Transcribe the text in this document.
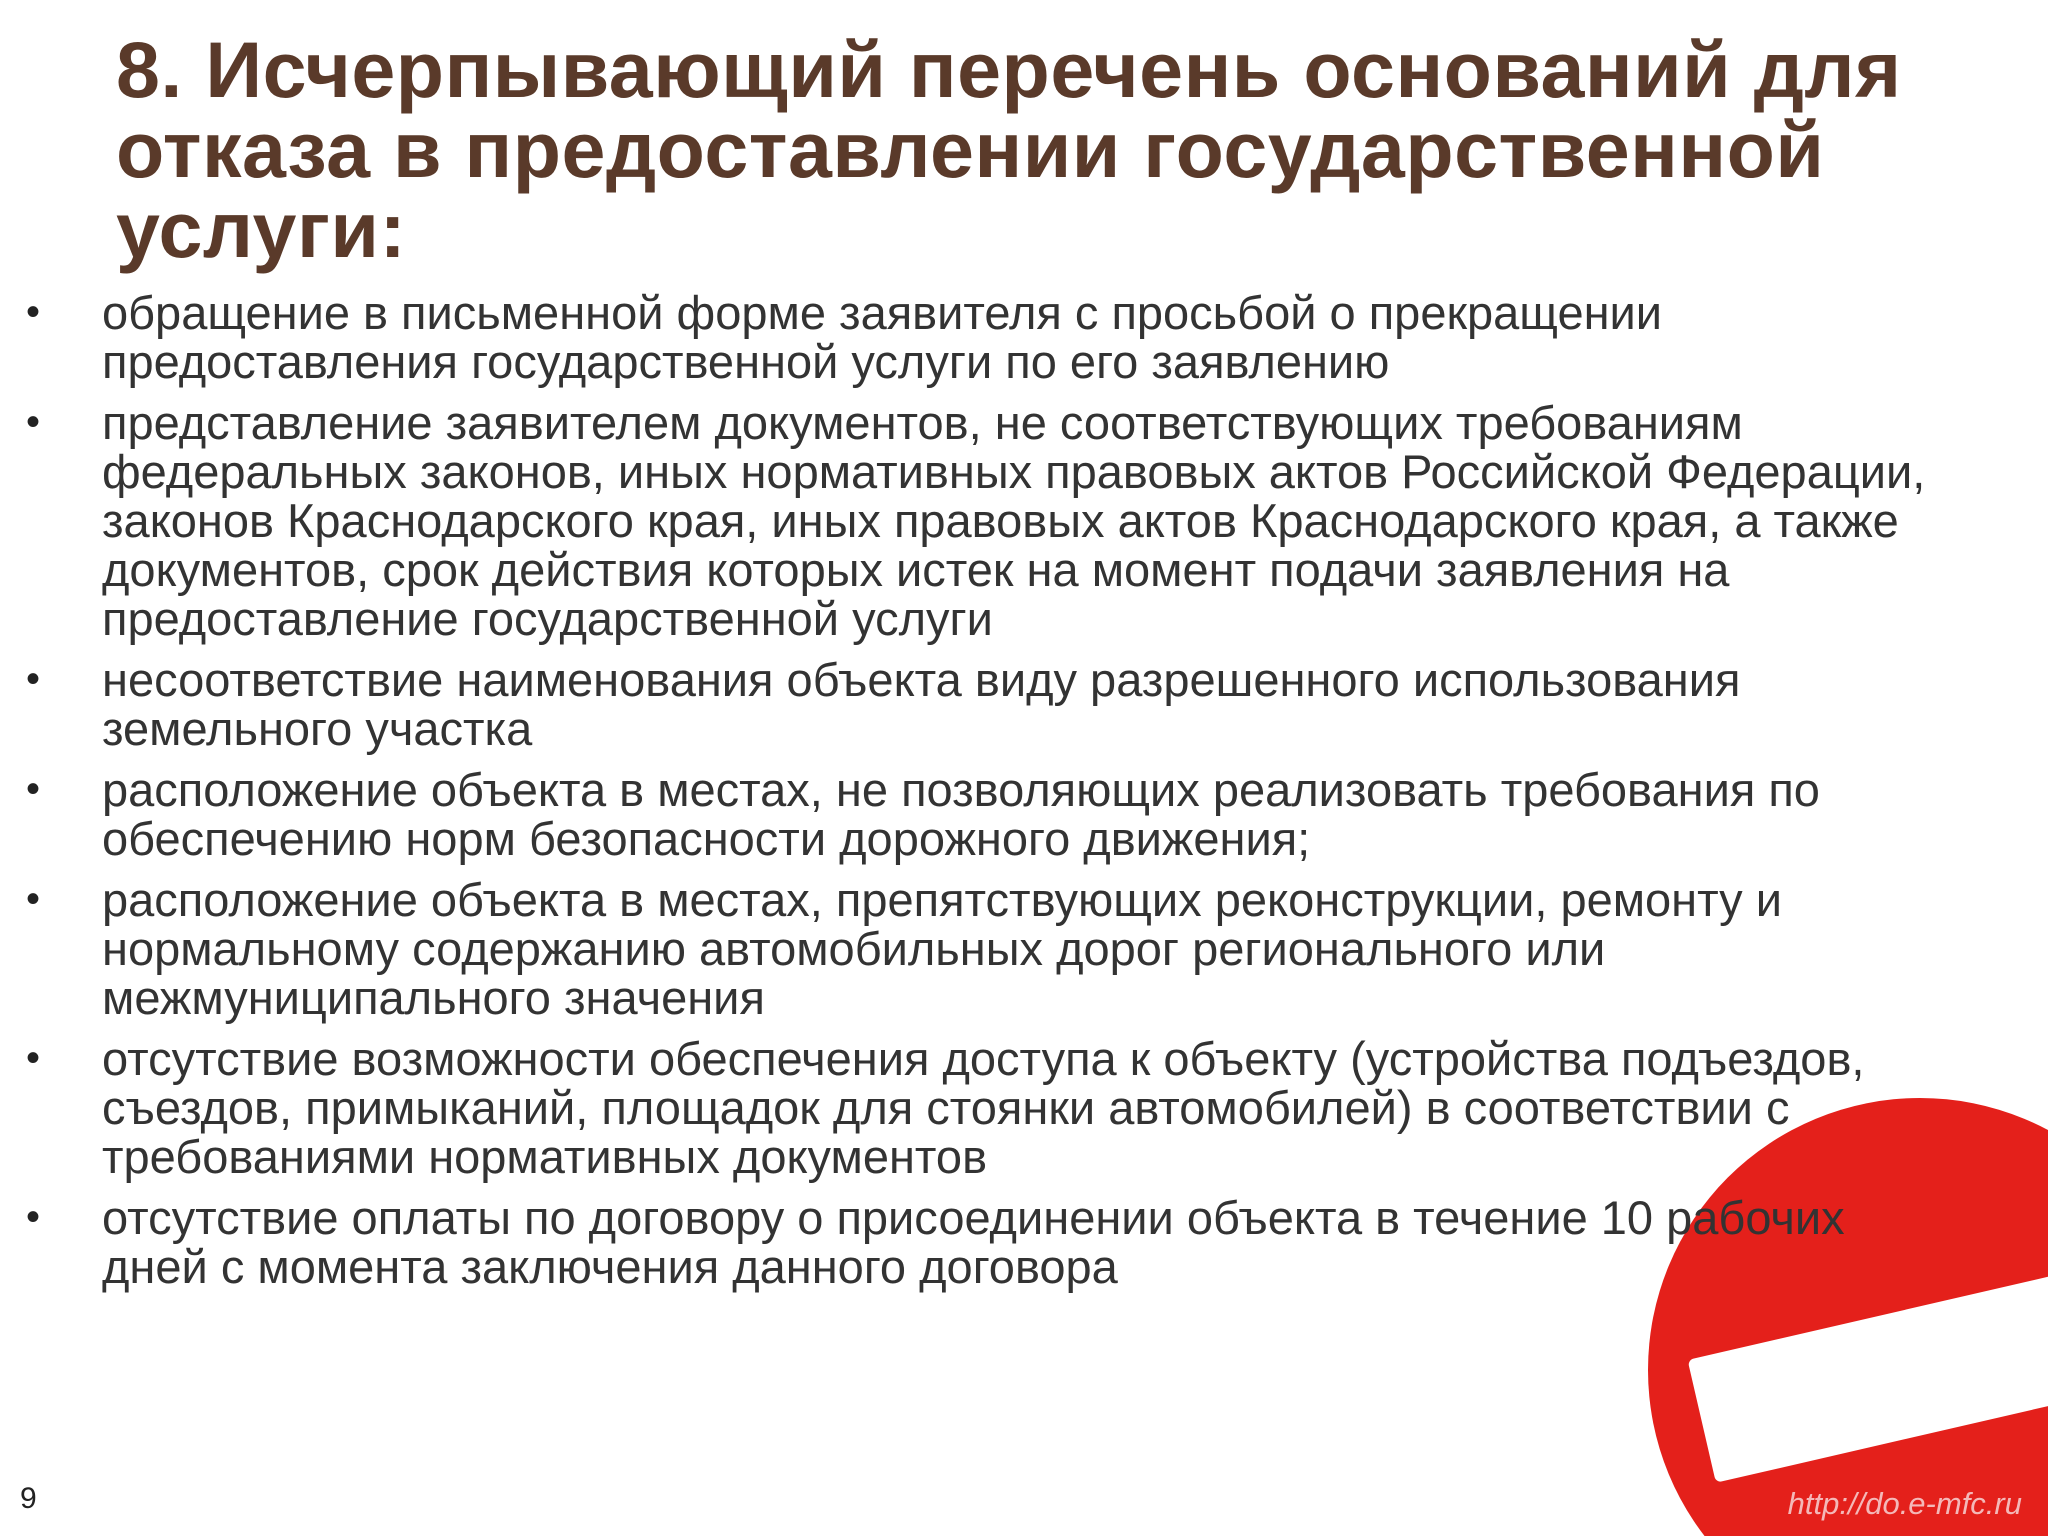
8. Исчерпывающий перечень оснований для отказа в предоставлении государственной услуги:
• обращение в письменной форме заявителя с просьбой о прекращении предоставления государственной услуги по его заявлению
• представление заявителем документов, не соответствующих требованиям федеральных законов, иных нормативных правовых актов Российской Федерации, законов Краснодарского края, иных правовых актов Краснодарского края, а также документов, срок действия которых истек на момент подачи заявления на предоставление государственной услуги
• несоответствие наименования объекта виду разрешенного использования земельного участка
• расположение объекта в местах, не позволяющих реализовать требования по обеспечению норм безопасности дорожного движения;
• расположение объекта в местах, препятствующих реконструкции, ремонту и нормальному содержанию автомобильных дорог регионального или межмуниципального значения
• отсутствие возможности обеспечения доступа к объекту (устройства подъездов, съездов, примыканий, площадок для стоянки автомобилей) в соответствии с требованиями нормативных документов
• отсутствие оплаты по договору о присоединении объекта в течение 10 рабочих дней с момента заключения данного договора
9	http://do.e-mfc.ru
